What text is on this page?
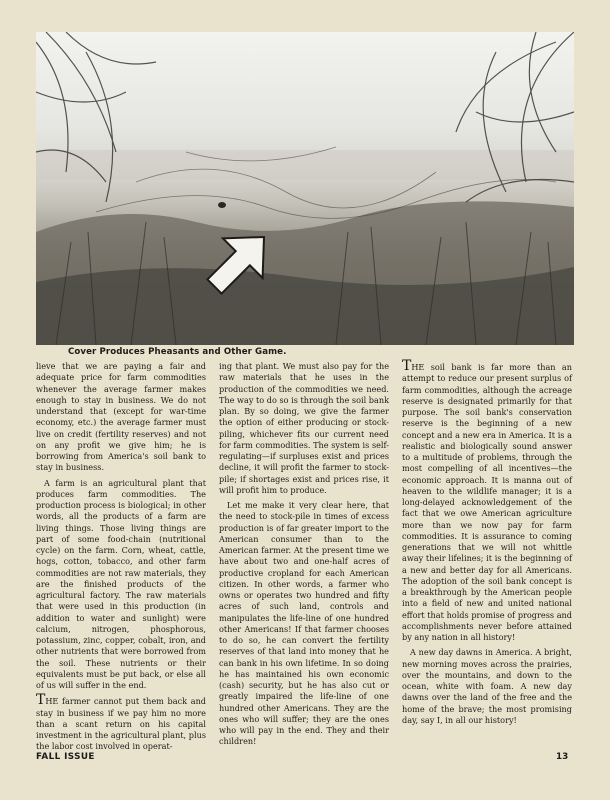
Cover Produces Pheasants and Other Game.

lieve that we are paying a fair and adequate price for farm commodities whenever the average farmer makes enough to stay in business. We do not understand that (except for war-time economy, etc.) the average farmer must live on credit (fertility reserves) and not on any profit we give him; he is borrowing from America's soil bank to stay in business.

A farm is an agricultural plant that produces farm commodities. The production process is biological; in other words, all the products of a farm are living things. Those living things are part of some food-chain (nutritional cycle) on the farm. Corn, wheat, cattle, hogs, cotton, tobacco, and other farm commodities are not raw materials, they are the finished products of the agricultural factory. The raw materials that were used in this production (in addition to water and sunlight) were calcium, nitrogen, phosphorous, potassium, zinc, copper, cobalt, iron, and other nutrients that were borrowed from the soil. These nutrients or their equivalents must be put back, or else all of us will suffer in the end.

THE farmer cannot put them back and stay in business if we pay him no more than a scant return on his capital investment in the agricultural plant, plus the labor cost involved in operat-

ing that plant. We must also pay for the raw materials that he uses in the production of the commodities we need. The way to do so is through the soil bank plan. By so doing, we give the farmer the option of either producing or stock-piling, whichever fits our current need for farm commodities. The system is self-regulating—if surpluses exist and prices decline, it will profit the farmer to stock-pile; if shortages exist and prices rise, it will profit him to produce.

Let me make it very clear here, that the need to stock-pile in times of excess production is of far greater import to the American consumer than to the American farmer. At the present time we have about two and one-half acres of productive cropland for each American citizen. In other words, a farmer who owns or operates two hundred and fifty acres of such land, controls and manipulates the life-line of one hundred other Americans! If that farmer chooses to do so, he can convert the fertility reserves of that land into money that he can bank in his own lifetime. In so doing he has maintained his own economic (cash) security, but he has also cut or greatly impaired the life-line of one hundred other Americans. They are the ones who will suffer; they are the ones who will pay in the end. They and their children!

THE soil bank is far more than an attempt to reduce our present surplus of farm commodities, although the acreage reserve is designated primarily for that purpose. The soil bank's conservation reserve is the beginning of a new concept and a new era in America. It is a realistic and biologically sound answer to a multitude of problems, through the most compelling of all incentives—the economic approach. It is manna out of heaven to the wildlife manager; it is a long-delayed acknowledgement of the fact that we owe American agriculture more than we now pay for farm commodities. It is assurance to coming generations that we will not whittle away their lifelines; it is the beginning of a new and better day for all Americans. The adoption of the soil bank concept is a breakthrough by the American people into a field of new and united national effort that holds promise of progress and accomplishments never before attained by any nation in all history!

A new day dawns in America. A bright, new morning moves across the prairies, over the mountains, and down to the ocean, white with foam. A new day dawns over the land of the free and the home of the brave; the most promising day, say I, in all our history!

FALL ISSUE	13
